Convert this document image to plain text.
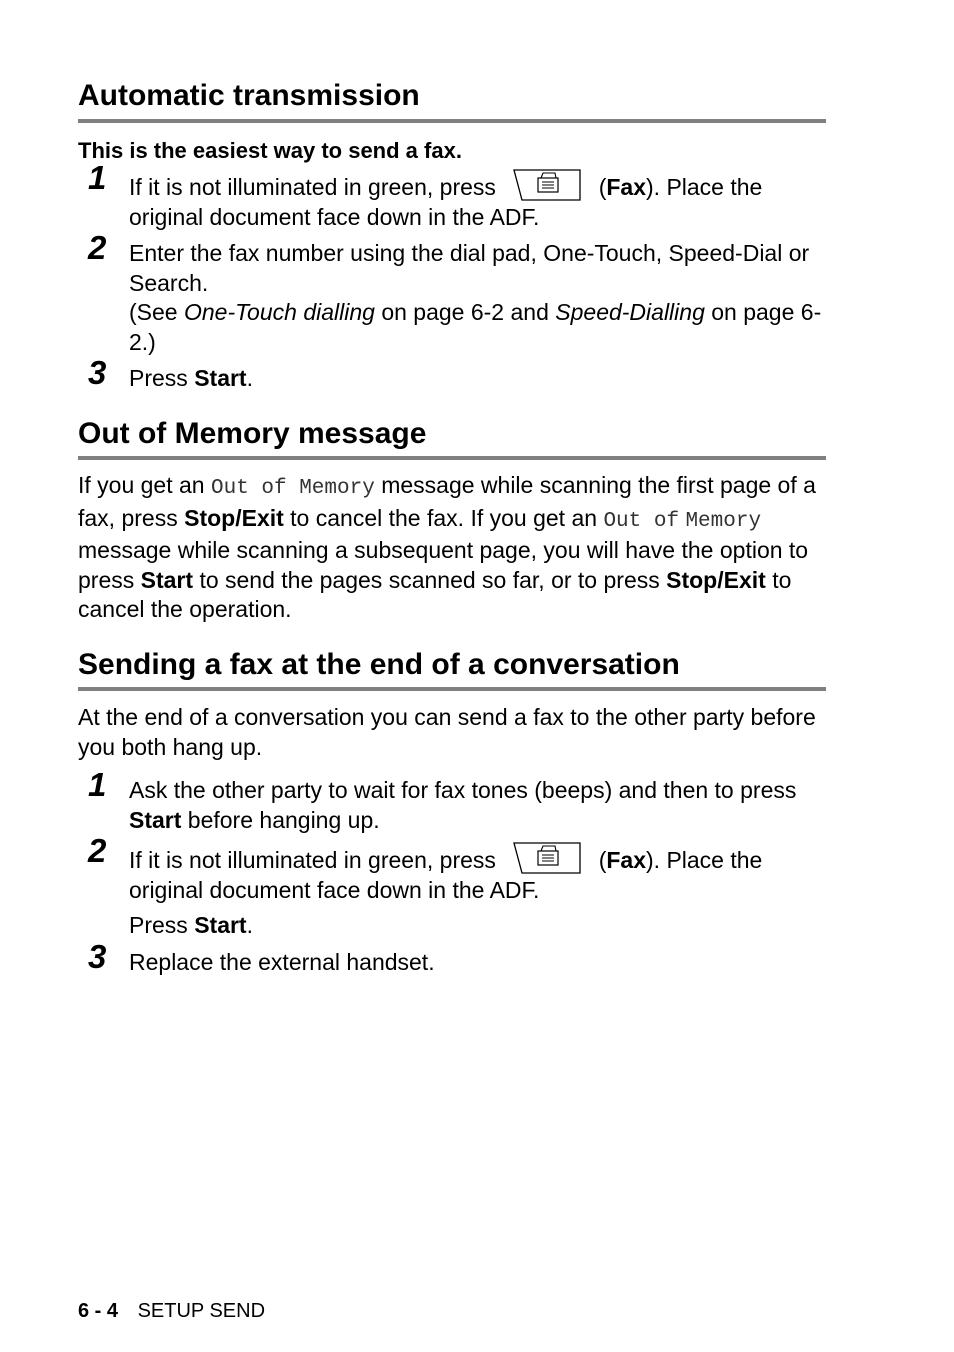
Automatic transmission

This is the easiest way to send a fax.

1 If it is not illuminated in green, press	(Fax). Place the original document face down in the ADF.
2 Enter the fax number using the dial pad, One-Touch, Speed-Dial or Search.
(See One-Touch dialling on page 6-2 and Speed-Dialling on page 6-2.)
3 Press Start.
Out of Memory message

If you get an Out of Memory message while scanning the first page of a fax, press Stop/Exit to cancel the fax. If you get an Out of Memory message while scanning a subsequent page, you will have the option to press Start to send the pages scanned so far, or to press Stop/Exit to cancel the operation.

Sending a fax at the end of a conversation

At the end of a conversation you can send a fax to the other party before you both hang up.

1 Ask the other party to wait for fax tones (beeps) and then to press Start before hanging up.
2 If it is not illuminated in green, press	(Fax). Place the original document face down in the ADF.
Press Start.
3 Replace the external handset.
6 - 4 SETUP SEND
